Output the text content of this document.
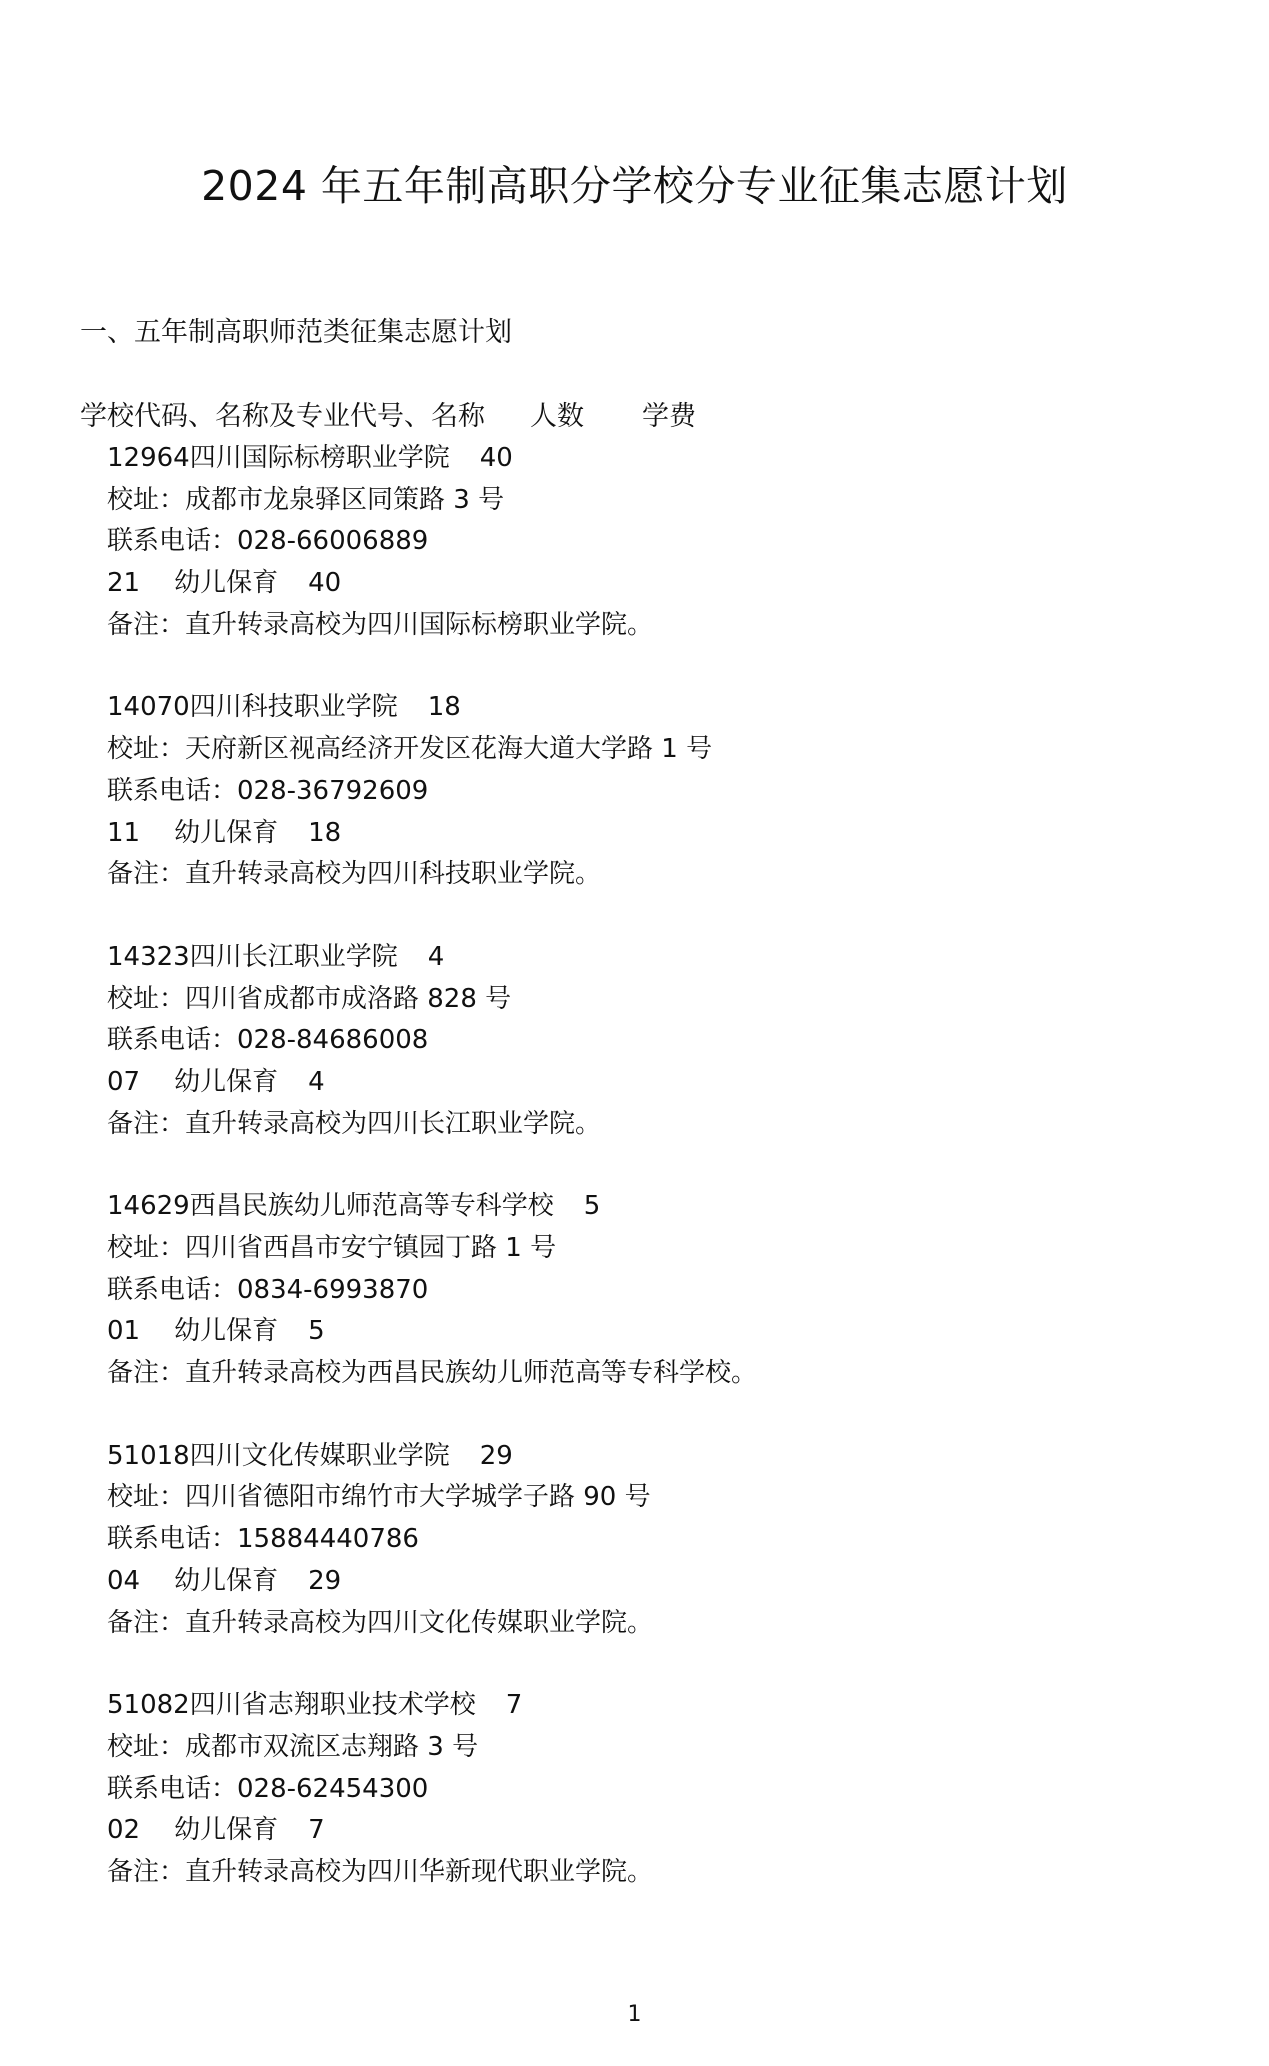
2024 年五年制高职分学校分专业征集志愿计划
一、五年制高职师范类征集志愿计划
学校代码、名称及专业代号、名称 人数 学费
12964四川国际标榜职业学院 40
校址：成都市龙泉驿区同策路 3 号
联系电话：028-66006889
21 幼儿保育 40
备注：直升转录高校为四川国际标榜职业学院。
14070四川科技职业学院 18
校址：天府新区视高经济开发区花海大道大学路 1 号
联系电话：028-36792609
11 幼儿保育 18
备注：直升转录高校为四川科技职业学院。
14323四川长江职业学院 4
校址：四川省成都市成洛路 828 号
联系电话：028-84686008
07 幼儿保育 4
备注：直升转录高校为四川长江职业学院。
14629西昌民族幼儿师范高等专科学校 5
校址：四川省西昌市安宁镇园丁路 1 号
联系电话：0834-6993870
01 幼儿保育 5
备注：直升转录高校为西昌民族幼儿师范高等专科学校。
51018四川文化传媒职业学院 29
校址：四川省德阳市绵竹市大学城学子路 90 号
联系电话：15884440786
04 幼儿保育 29
备注：直升转录高校为四川文化传媒职业学院。
51082四川省志翔职业技术学校 7
校址：成都市双流区志翔路 3 号
联系电话：028-62454300
02 幼儿保育 7
备注：直升转录高校为四川华新现代职业学院。
1
